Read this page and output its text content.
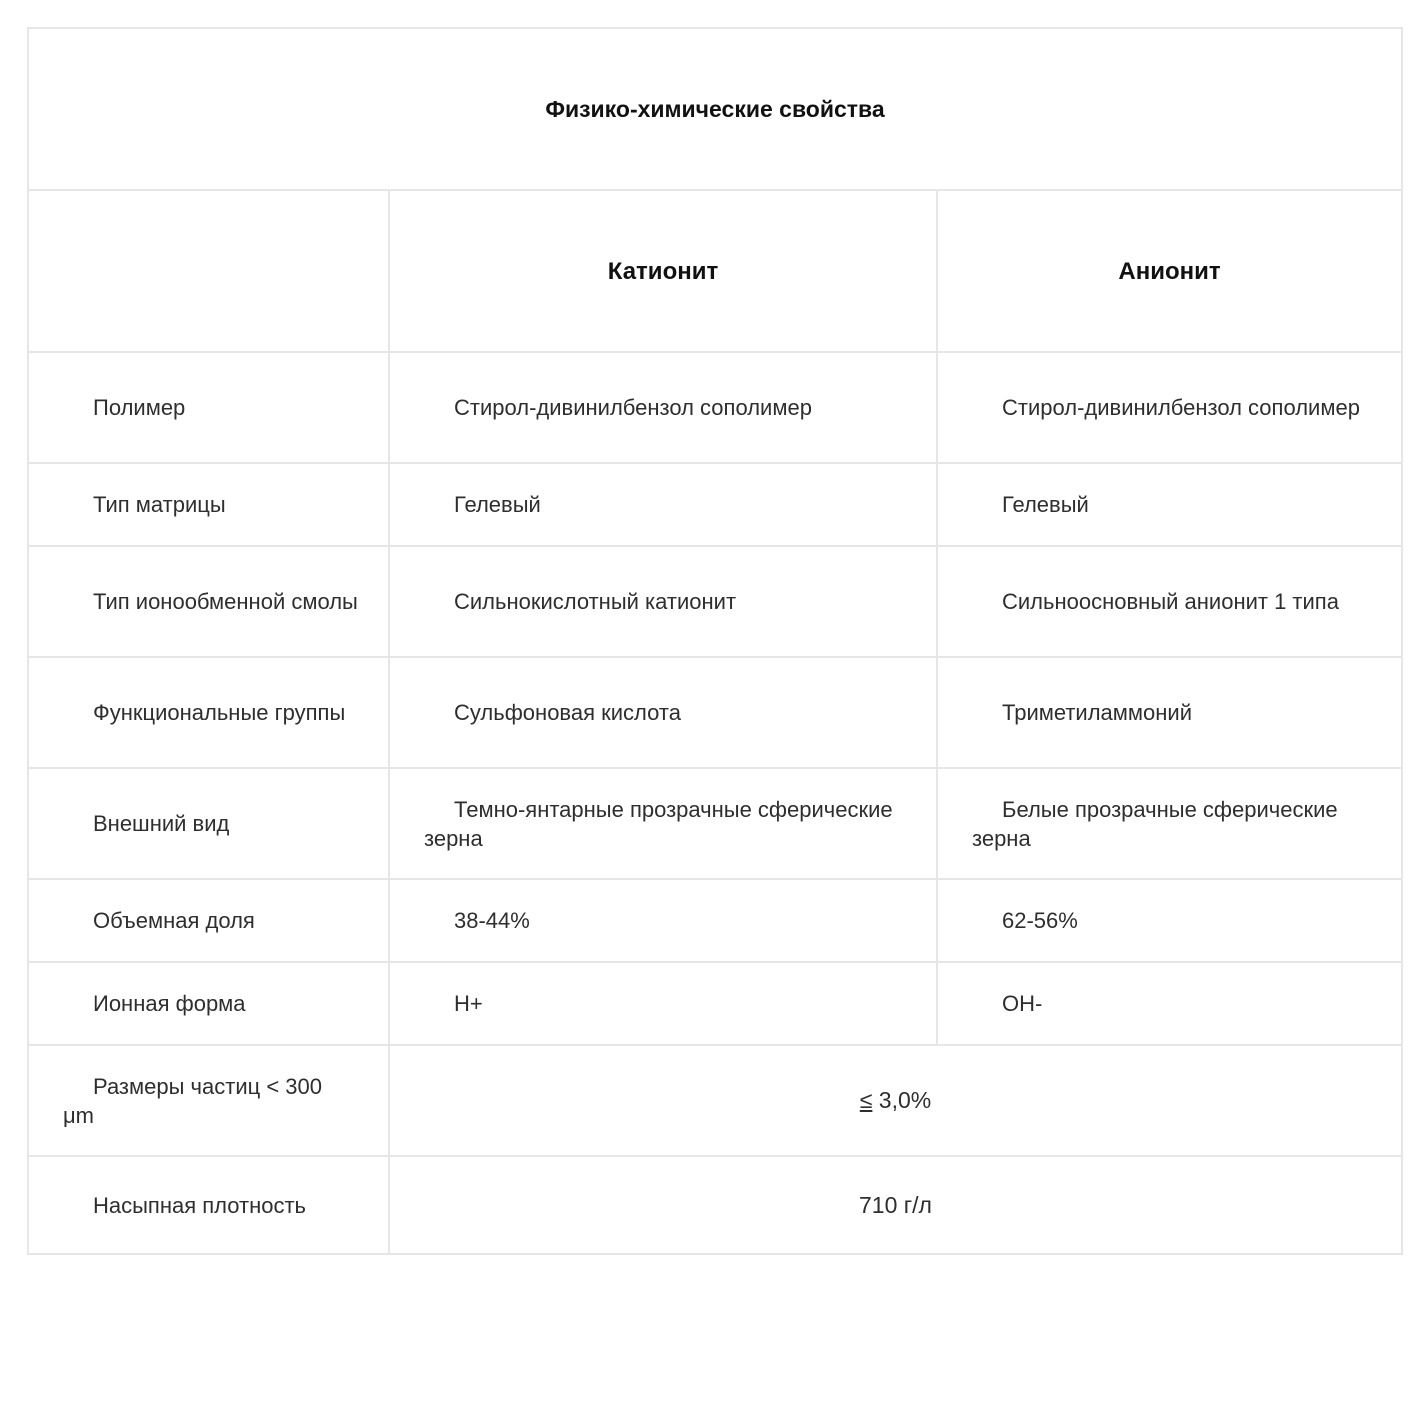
Физико-химические свойства		
	Катионит	Анионит
Полимер	Стирол-дивинилбензол сополимер	Стирол-дивинилбензол сополимер
Тип матрицы	Гелевый	Гелевый
Тип ионообменной смолы	Сильнокислотный катионит	Сильноосновный анионит 1 типа
Функциональные группы	Сульфоновая кислота	Триметиламмоний
Внешний вид	Темно-янтарные прозрачные сферические зерна	Белые прозрачные сферические зерна
Объемная доля	38-44%	62-56%
Ионная форма	H+	OH-
Размеры частиц < 300 μm	≤ 3,0%	
Насыпная плотность	710 г/л	
